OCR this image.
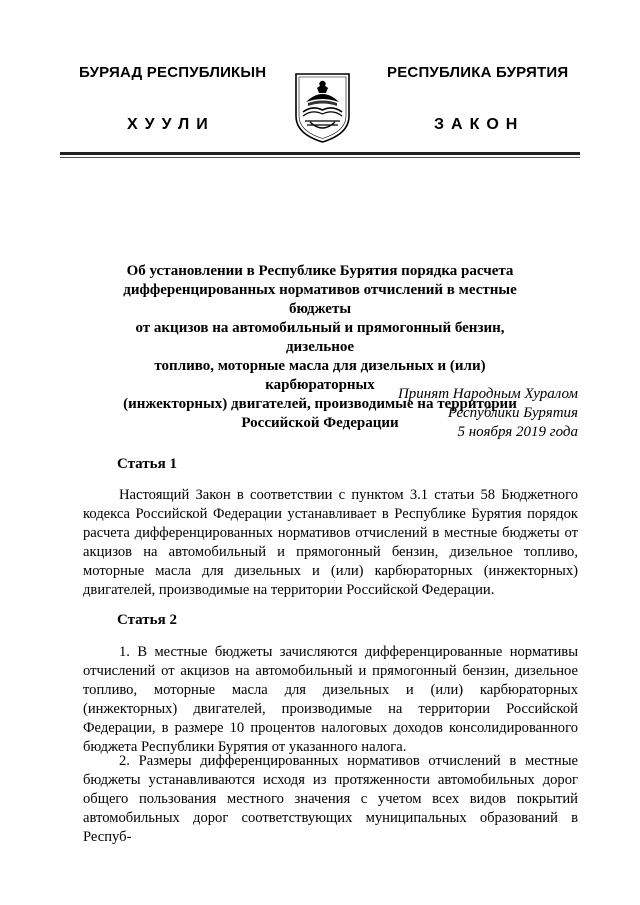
БУРЯАД РЕСПУБЛИКЫН	РЕСПУБЛИКА БУРЯТИЯ
ХУУЛИ	ЗАКОН
Об установлении в Республике Бурятия порядка расчета
дифференцированных нормативов отчислений в местные бюджеты
от акцизов на автомобильный и прямогонный бензин, дизельное
топливо, моторные масла для дизельных и (или) карбюраторных
(инжекторных) двигателей, производимые на территории
Российской Федерации
Принят Народным Хуралом
Республики Бурятия
5 ноября 2019 года
Статья 1
Настоящий Закон в соответствии с пунктом 3.1 статьи 58 Бюджетного кодекса Российской Федерации устанавливает в Республике Бурятия порядок расчета дифференцированных нормативов отчислений в местные бюджеты от акцизов на автомобильный и прямогонный бензин, дизельное топливо, моторные масла для дизельных и (или) карбюраторных (инжекторных) двигателей, производимые на территории Российской Федерации.
Статья 2
1. В местные бюджеты зачисляются дифференцированные нормативы отчислений от акцизов на автомобильный и прямогонный бензин, дизельное топливо, моторные масла для дизельных и (или) карбюраторных (инжекторных) двигателей, производимые на территории Российской Федерации, в размере 10 процентов налоговых доходов консолидированного бюджета Республики Бурятия от указанного налога.
2. Размеры дифференцированных нормативов отчислений в местные бюджеты устанавливаются исходя из протяженности автомобильных дорог общего пользования местного значения с учетом всех видов покрытий автомобильных дорог соответствующих муниципальных образований в Респуб-
